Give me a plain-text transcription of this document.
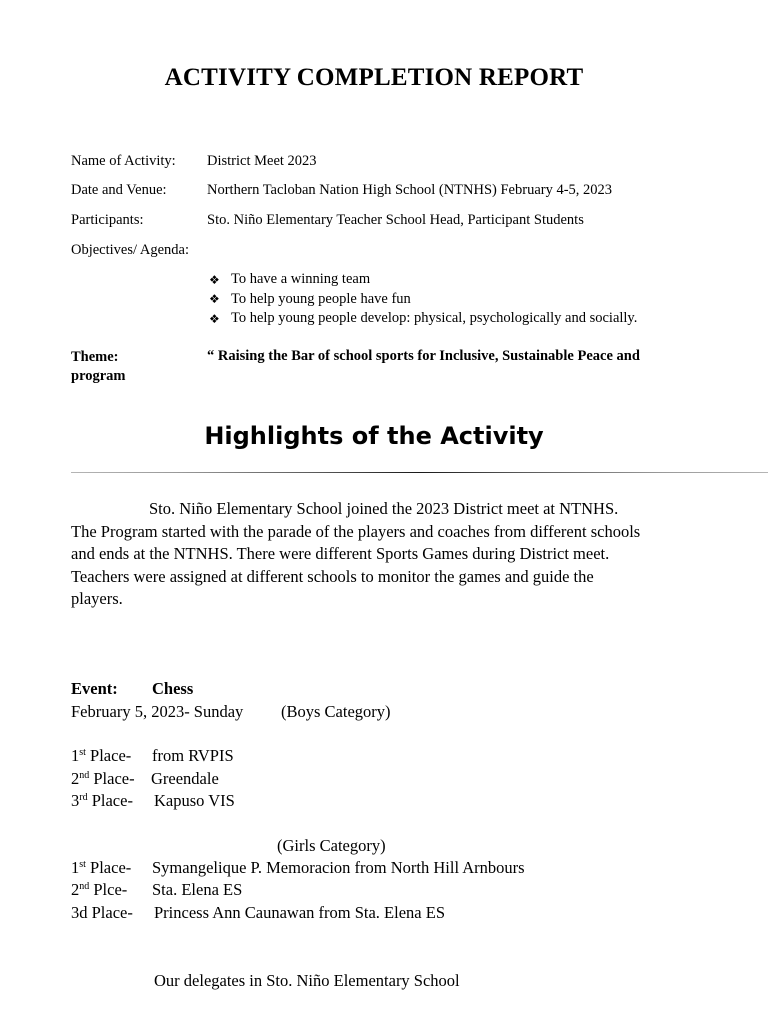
ACTIVITY COMPLETION REPORT
Name of Activity: District Meet 2023
Date and Venue:	Northern Tacloban Nation High School (NTNHS) February 4-5, 2023
Participants:	Sto. Niño Elementary Teacher School Head, Participant Students
Objectives/ Agenda:
❖ To have a winning team
❖ To help young people have fun
❖ To help young people develop: physical, psychologically and socially.
Theme:
program
“ Raising the Bar of school sports for Inclusive, Sustainable Peace and
Highlights of the Activity
Sto. Niño Elementary School joined the 2023 District meet at NTNHS.
The Program started with the parade of the players and coaches from different schools
and ends at the NTNHS. There were different Sports Games during District meet.
Teachers were assigned at different schools to monitor the games and guide the
players.
Event: Chess
February 5, 2023- Sunday (Boys Category)
1st Place- from RVPIS
2nd Place- Greendale
3rd Place- Kapuso VIS
(Girls Category)
1st Place- Symangelique P. Memoracion from North Hill Arnbours
2nd Plce- Sta. Elena ES
3d Place- Princess Ann Caunawan from Sta. Elena ES
Our delegates in Sto. Niño Elementary School
